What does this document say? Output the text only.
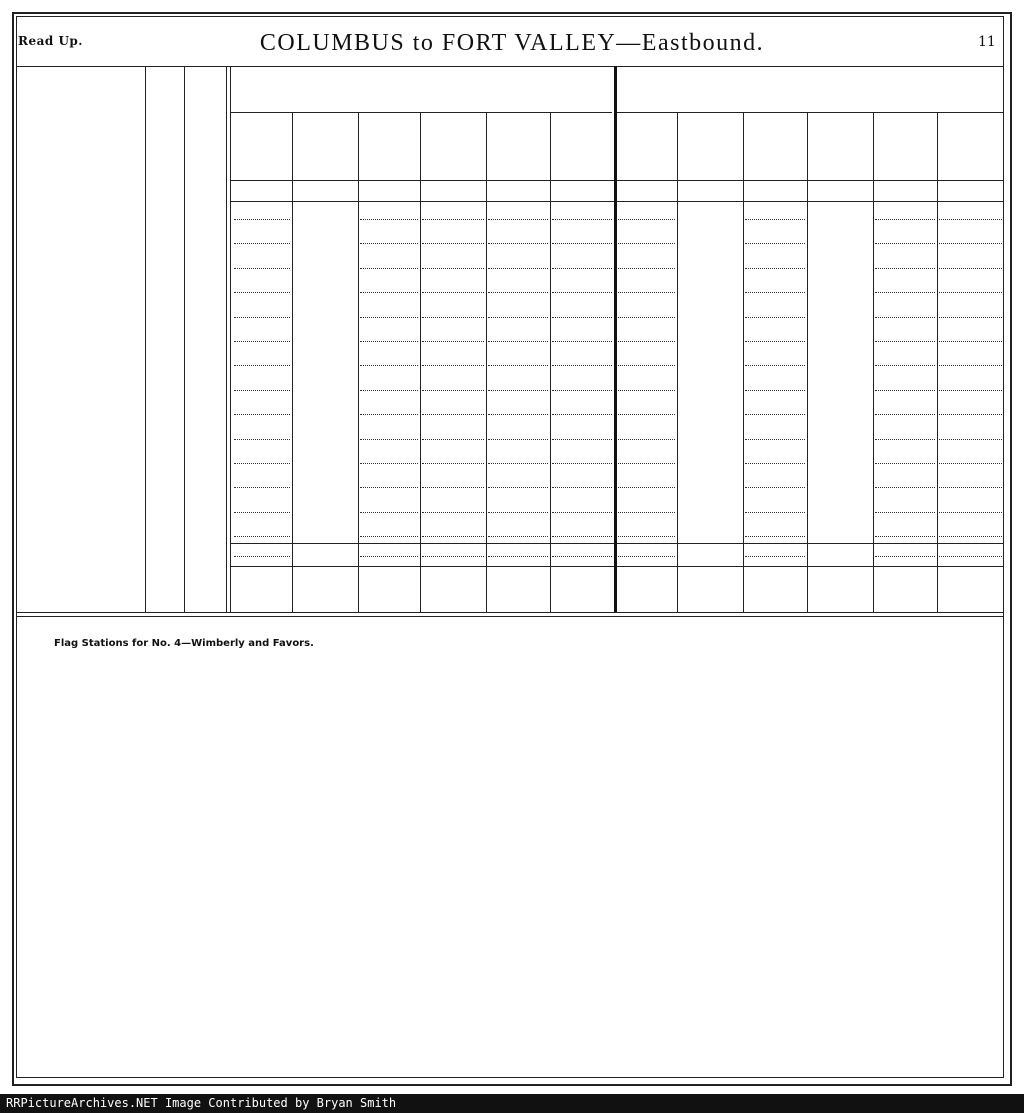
Read Up.	COLUMBUS to FORT VALLEY—Eastbound.	11
Flag Stations for No. 4—Wimberly and Favors.
RRPictureArchives.NET Image Contributed by Bryan Smith
